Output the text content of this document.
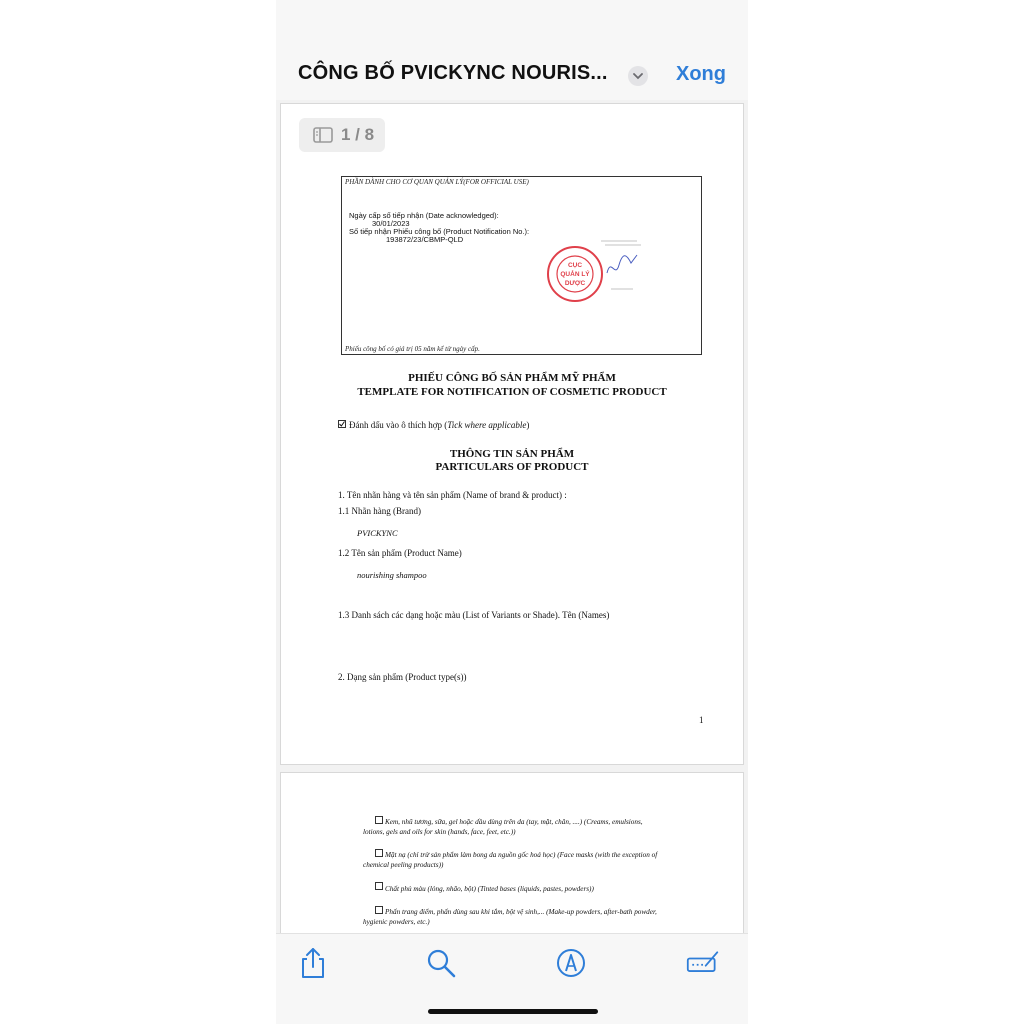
CÔNG BỐ PVICKYNC NOURIS...	Xong
1 / 8
PHẦN DÀNH CHO CƠ QUAN QUẢN LÝ(FOR OFFICIAL USE)
Ngày cấp số tiếp nhận (Date acknowledged):
30/01/2023
Số tiếp nhận Phiếu công bố (Product Notification No.):
193872/23/CBMP-QLD
CỤC
QUẢN LÝ
DƯỢC
Phiếu công bố có giá trị 05 năm kể từ ngày cấp.
PHIẾU CÔNG BỐ SẢN PHẨM MỸ PHẨM
TEMPLATE FOR NOTIFICATION OF COSMETIC PRODUCT
Đánh dấu vào ô thích hợp (Tick where applicable)
THÔNG TIN SẢN PHẨM
PARTICULARS OF PRODUCT
1. Tên nhãn hàng và tên sản phẩm (Name of brand & product) :
1.1 Nhãn hàng (Brand)
PVICKYNC
1.2 Tên sản phẩm (Product Name)
nourishing shampoo
1.3 Danh sách các dạng hoặc màu (List of Variants or Shade). Tên (Names)
2. Dạng sản phẩm (Product type(s))
1
Kem, nhũ tương, sữa, gel hoặc dầu dùng trên da (tay, mặt, chân, ....) (Creams, emulsions,
lotions, gels and oils for skin (hands, face, feet, etc.))
Mặt nạ (chỉ trừ sản phẩm làm bong da nguồn gốc hoá học) (Face masks (with the exception of
chemical peeling products))
Chất phủ màu (lỏng, nhão, bột) (Tinted bases (liquids, pastes, powders))
Phấn trang điểm, phấn dùng sau khi tắm, bột vệ sinh,... (Make-up powders, after-bath powder,
hygienic powders, etc.)
